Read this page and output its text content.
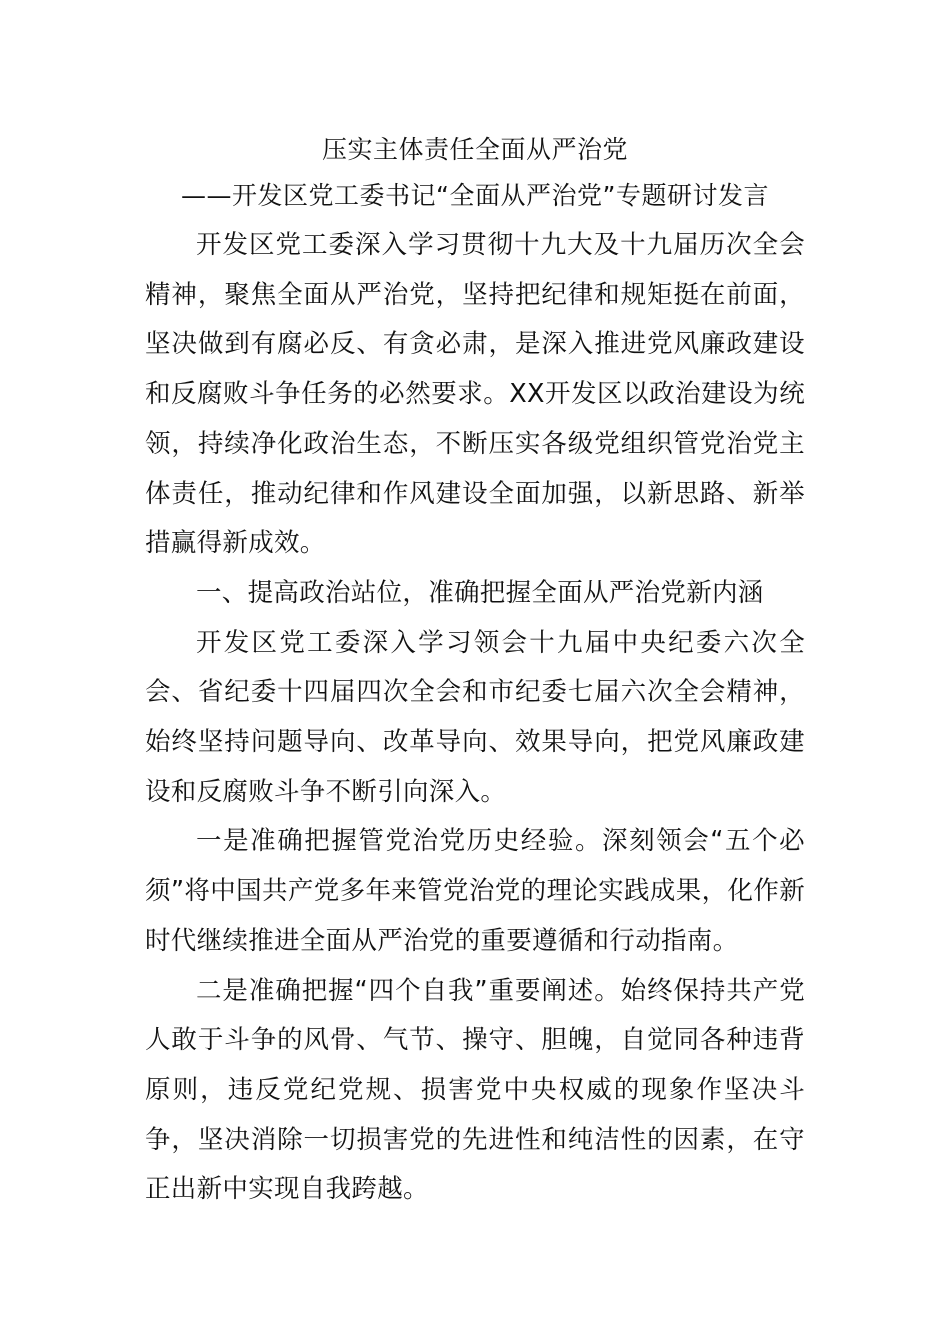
压实主体责任全面从严治党
——开发区党工委书记“全面从严治党”专题研讨发言

开发区党工委深入学习贯彻十九大及十九届历次全会精神，聚焦全面从严治党，坚持把纪律和规矩挺在前面，坚决做到有腐必反、有贪必肃，是深入推进党风廉政建设和反腐败斗争任务的必然要求。XX开发区以政治建设为统领，持续净化政治生态，不断压实各级党组织管党治党主体责任，推动纪律和作风建设全面加强，以新思路、新举措赢得新成效。

一、提高政治站位，准确把握全面从严治党新内涵

开发区党工委深入学习领会十九届中央纪委六次全会、省纪委十四届四次全会和市纪委七届六次全会精神，始终坚持问题导向、改革导向、效果导向，把党风廉政建设和反腐败斗争不断引向深入。

一是准确把握管党治党历史经验。深刻领会“五个必须”将中国共产党多年来管党治党的理论实践成果，化作新时代继续推进全面从严治党的重要遵循和行动指南。

二是准确把握“四个自我”重要阐述。始终保持共产党人敢于斗争的风骨、气节、操守、胆魄，自觉同各种违背原则，违反党纪党规、损害党中央权威的现象作坚决斗争，坚决消除一切损害党的先进性和纯洁性的因素，在守正出新中实现自我跨越。
